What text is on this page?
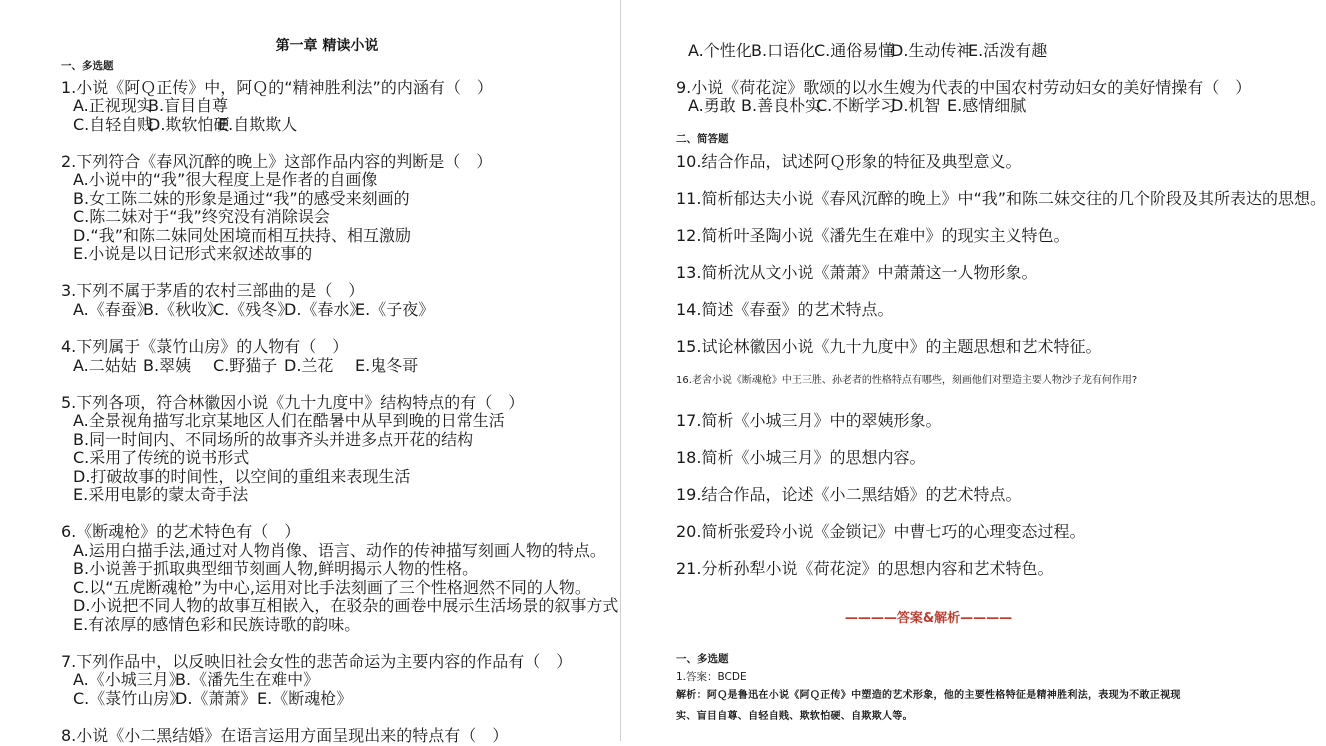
第一章 精读小说
一、多选题
1.小说《阿Ｑ正传》中，阿Ｑ的“精神胜利法”的内涵有（　）
A.正视现实B.盲目自尊
C.自轻自贱D.欺软怕硬E.自欺欺人
2.下列符合《春风沉醉的晚上》这部作品内容的判断是（　）
A.小说中的“我”很大程度上是作者的自画像
B.女工陈二妹的形象是通过“我”的感受来刻画的
C.陈二妹对于“我”终究没有消除误会
D.“我”和陈二妹同处困境而相互扶持、相互激励
E.小说是以日记形式来叙述故事的
3.下列不属于茅盾的农村三部曲的是（　）
A.《春蚕》B.《秋收》C.《残冬》D.《春水》E.《子夜》
4.下列属于《菉竹山房》的人物有（　）
A.二姑姑 B.翠姨 C.野猫子 D.兰花 E.鬼冬哥
5.下列各项，符合林徽因小说《九十九度中》结构特点的有（　）
A.全景视角描写北京某地区人们在酷暑中从早到晚的日常生活
B.同一时间内、不同场所的故事齐头并进多点开花的结构
C.采用了传统的说书形式
D.打破故事的时间性，以空间的重组来表现生活
E.采用电影的蒙太奇手法
6.《断魂枪》的艺术特色有（　）
A.运用白描手法,通过对人物肖像、语言、动作的传神描写刻画人物的特点。
B.小说善于抓取典型细节刻画人物,鲜明揭示人物的性格。
C.以“五虎断魂枪”为中心,运用对比手法刻画了三个性格迥然不同的人物。
D.小说把不同人物的故事互相嵌入，在驳杂的画卷中展示生活场景的叙事方式
E.有浓厚的感情色彩和民族诗歌的韵味。
7.下列作品中，以反映旧社会女性的悲苦命运为主要内容的作品有（　）
A.《小城三月》B.《潘先生在难中》
C.《菉竹山房》D.《萧萧》E.《断魂枪》
8.小说《小二黑结婚》在语言运用方面呈现出来的特点有（　）
A.个性化B.口语化C.通俗易懂D.生动传神E.活泼有趣
9.小说《荷花淀》歌颂的以水生嫂为代表的中国农村劳动妇女的美好情操有（　）
A.勇敢 B.善良朴实C.不断学习D.机智 E.感情细腻
二、简答题
10.结合作品，试述阿Ｑ形象的特征及典型意义。
11.简析郁达夫小说《春风沉醉的晚上》中“我”和陈二妹交往的几个阶段及其所表达的思想。
12.简析叶圣陶小说《潘先生在难中》的现实主义特色。
13.简析沈从文小说《萧萧》中萧萧这一人物形象。
14.简述《春蚕》的艺术特点。
15.试论林徽因小说《九十九度中》的主题思想和艺术特征。
16.老舍小说《断魂枪》中王三胜、孙老者的性格特点有哪些，刻画他们对塑造主要人物沙子龙有何作用?
17.简析《小城三月》中的翠姨形象。
18.简析《小城三月》的思想内容。
19.结合作品，论述《小二黑结婚》的艺术特点。
20.简析张爱玲小说《金锁记》中曹七巧的心理变态过程。
21.分析孙犁小说《荷花淀》的思想内容和艺术特色。
————答案&解析————
一、多选题
1.答案：BCDE
解析：阿Ｑ是鲁迅在小说《阿Ｑ正传》中塑造的艺术形象，他的主要性格特征是精神胜利法，表现为不敢正视现实、盲目自尊、自轻自贱、欺软怕硬、自欺欺人等。
